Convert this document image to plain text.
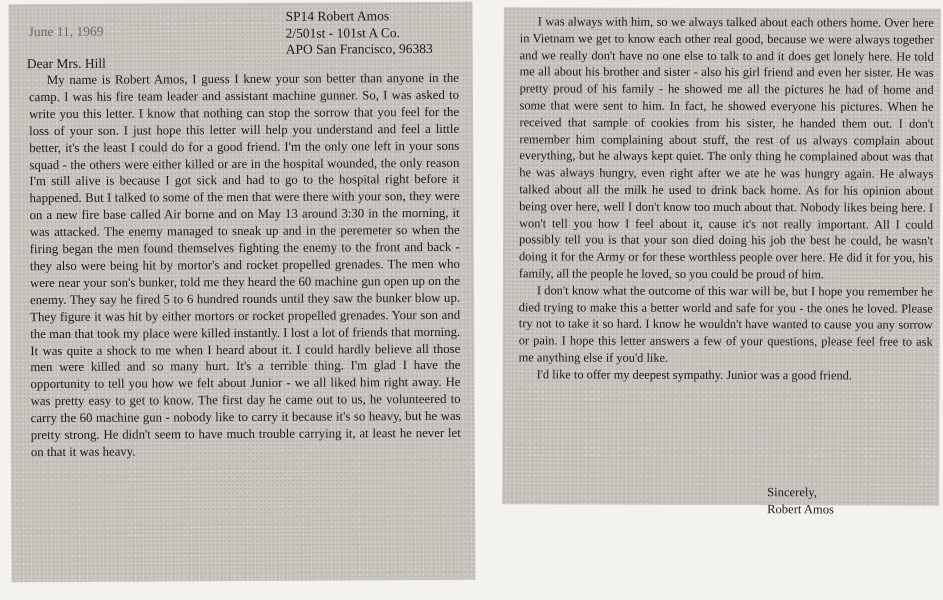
June 11, 1969
SP14 Robert Amos
2/501st - 101st A Co.
APO San Francisco, 96383
Dear Mrs. Hill

My name is Robert Amos, I guess I knew your son better than anyone in the camp. I was his fire team leader and assistant machine gunner. So, I was asked to write you this letter. I know that nothing can stop the sorrow that you feel for the loss of your son. I just hope this letter will help you understand and feel a little better, it's the least I could do for a good friend. I'm the only one left in your sons squad - the others were either killed or are in the hospital wounded, the only reason I'm still alive is because I got sick and had to go to the hospital right before it happened. But I talked to some of the men that were there with your son, they were on a new fire base called Air borne and on May 13 around 3:30 in the morning, it was attacked. The enemy managed to sneak up and in the peremeter so when the firing began the men found themselves fighting the enemy to the front and back - they also were being hit by mortor's and rocket propelled grenades. The men who were near your son's bunker, told me they heard the 60 machine gun open up on the enemy. They say he fired 5 to 6 hundred rounds until they saw the bunker blow up. They figure it was hit by either mortors or rocket propelled grenades. Your son and the man that took my place were killed instantly. I lost a lot of friends that morning. It was quite a shock to me when I heard about it. I could hardly believe all those men were killed and so many hurt. It's a terrible thing. I'm glad I have the opportunity to tell you how we felt about Junior - we all liked him right away. He was pretty easy to get to know. The first day he came out to us, he volunteered to carry the 60 machine gun - nobody like to carry it because it's so heavy, but he was pretty strong. He didn't seem to have much trouble carrying it, at least he never let on that it was heavy.

I was always with him, so we always talked about each others home. Over here in Vietnam we get to know each other real good, because we were always together and we really don't have no one else to talk to and it does get lonely here. He told me all about his brother and sister - also his girl friend and even her sister. He was pretty proud of his family - he showed me all the pictures he had of home and some that were sent to him. In fact, he showed everyone his pictures. When he received that sample of cookies from his sister, he handed them out. I don't remember him complaining about stuff, the rest of us always complain about everything, but he always kept quiet. The only thing he complained about was that he was always hungry, even right after we ate he was hungry again. He always talked about all the milk he used to drink back home. As for his opinion about being over here, well I don't know too much about that. Nobody likes being here. I won't tell you how I feel about it, cause it's not really important. All I could possibly tell you is that your son died doing his job the best he could, he wasn't doing it for the Army or for these worthless people over here. He did it for you, his family, all the people he loved, so you could be proud of him.

I don't know what the outcome of this war will be, but I hope you remember he died trying to make this a better world and safe for you - the ones he loved. Please try not to take it so hard. I know he wouldn't have wanted to cause you any sorrow or pain. I hope this letter answers a few of your questions, please feel free to ask me anything else if you'd like.

I'd like to offer my deepest sympathy. Junior was a good friend.

Sincerely,
Robert Amos
